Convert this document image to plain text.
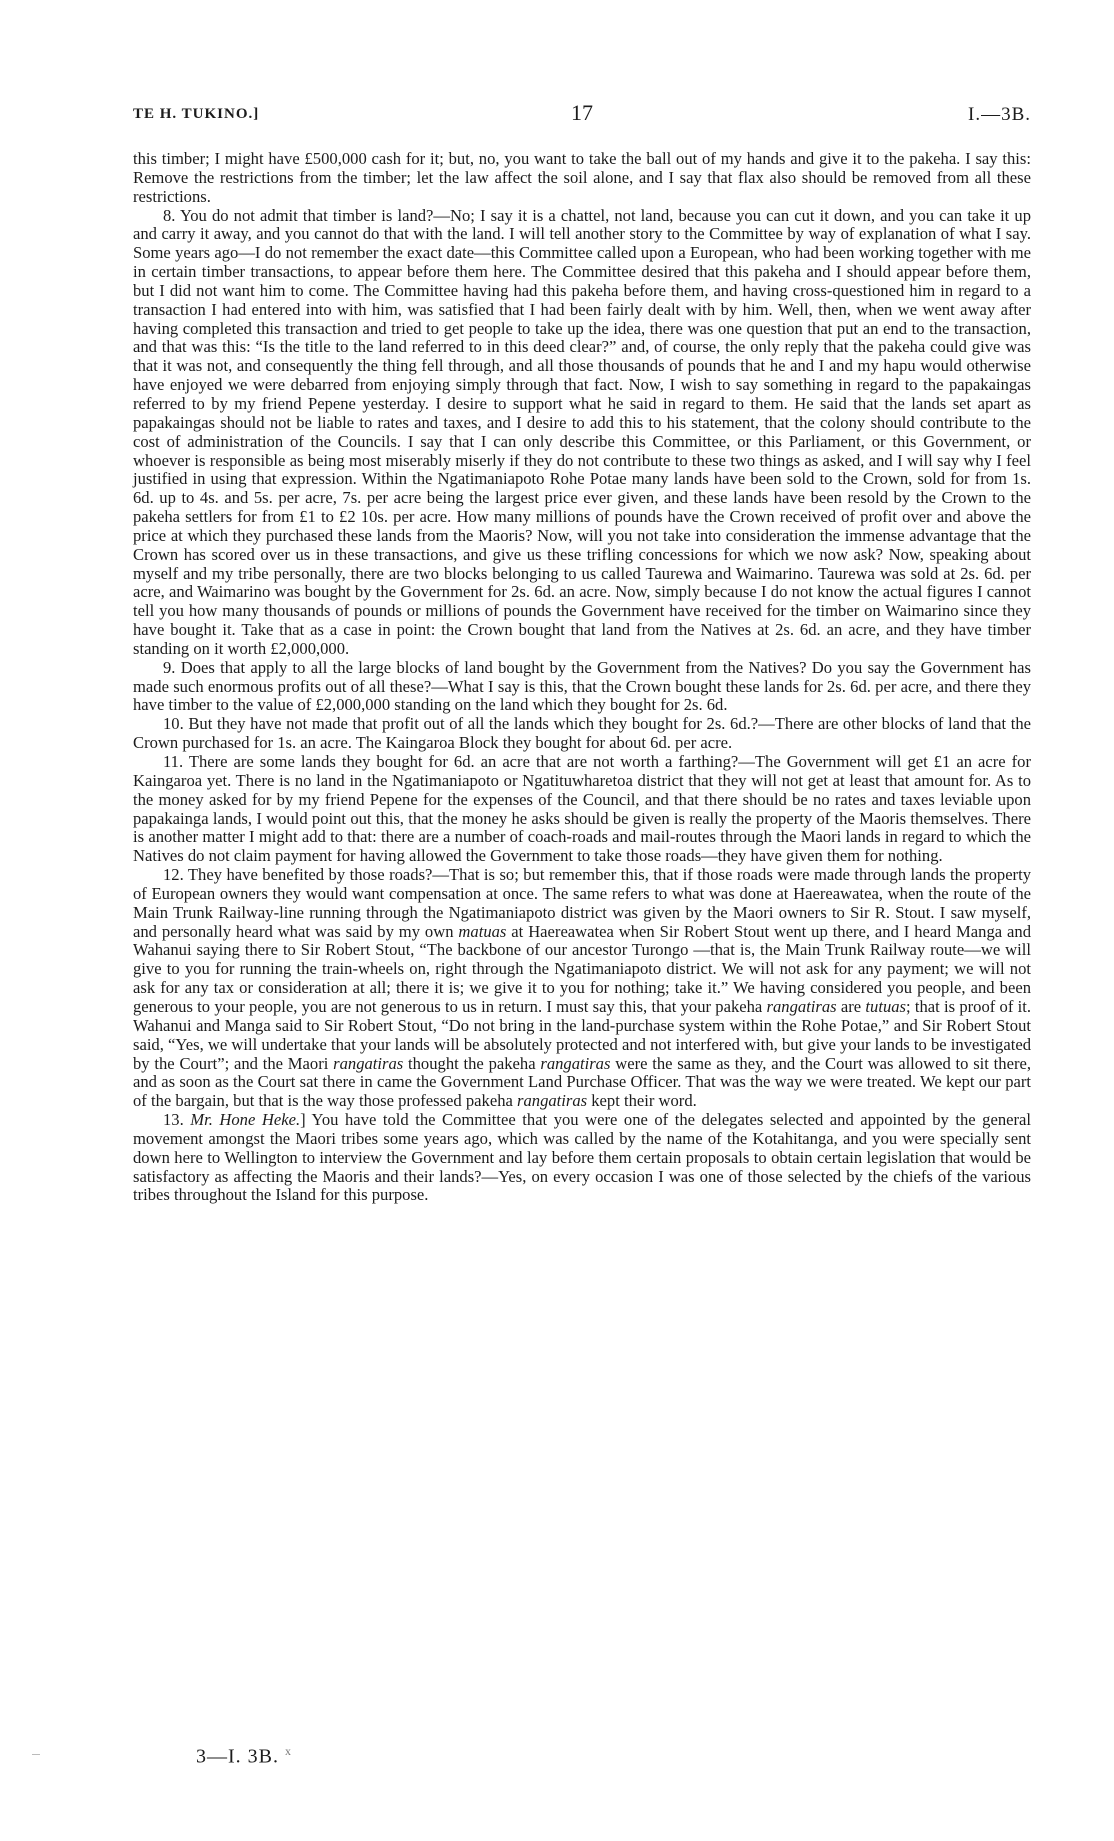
TE H. TUKINO.]	17	I.—3B.

this timber; I might have £500,000 cash for it; but, no, you want to take the ball out of my hands and give it to the pakeha. I say this: Remove the restrictions from the timber; let the law affect the soil alone, and I say that flax also should be removed from all these restrictions.

8. You do not admit that timber is land?—No; I say it is a chattel, not land, because you can cut it down, and you can take it up and carry it away, and you cannot do that with the land. I will tell another story to the Committee by way of explanation of what I say. Some years ago—I do not remember the exact date—this Committee called upon a European, who had been working together with me in certain timber transactions, to appear before them here. The Committee desired that this pakeha and I should appear before them, but I did not want him to come. The Committee having had this pakeha before them, and having cross-questioned him in regard to a transaction I had entered into with him, was satisfied that I had been fairly dealt with by him. Well, then, when we went away after having completed this transaction and tried to get people to take up the idea, there was one question that put an end to the transaction, and that was this: “Is the title to the land referred to in this deed clear?” and, of course, the only reply that the pakeha could give was that it was not, and consequently the thing fell through, and all those thousands of pounds that he and I and my hapu would otherwise have enjoyed we were debarred from enjoying simply through that fact. Now, I wish to say something in regard to the papakaingas referred to by my friend Pepene yesterday. I desire to support what he said in regard to them. He said that the lands set apart as papakaingas should not be liable to rates and taxes, and I desire to add this to his statement, that the colony should contribute to the cost of administration of the Councils. I say that I can only describe this Committee, or this Parliament, or this Government, or whoever is responsible as being most miserably miserly if they do not contribute to these two things as asked, and I will say why I feel justified in using that expression. Within the Ngatimaniapoto Rohe Potae many lands have been sold to the Crown, sold for from 1s. 6d. up to 4s. and 5s. per acre, 7s. per acre being the largest price ever given, and these lands have been resold by the Crown to the pakeha settlers for from £1 to £2 10s. per acre. How many millions of pounds have the Crown received of profit over and above the price at which they purchased these lands from the Maoris? Now, will you not take into consideration the immense advantage that the Crown has scored over us in these transactions, and give us these trifling concessions for which we now ask? Now, speaking about myself and my tribe personally, there are two blocks belonging to us called Taurewa and Waimarino. Taurewa was sold at 2s. 6d. per acre, and Waimarino was bought by the Government for 2s. 6d. an acre. Now, simply because I do not know the actual figures I cannot tell you how many thousands of pounds or millions of pounds the Government have received for the timber on Waimarino since they have bought it. Take that as a case in point: the Crown bought that land from the Natives at 2s. 6d. an acre, and they have timber standing on it worth £2,000,000.

9. Does that apply to all the large blocks of land bought by the Government from the Natives? Do you say the Government has made such enormous profits out of all these?—What I say is this, that the Crown bought these lands for 2s. 6d. per acre, and there they have timber to the value of £2,000,000 standing on the land which they bought for 2s. 6d.

10. But they have not made that profit out of all the lands which they bought for 2s. 6d.?—There are other blocks of land that the Crown purchased for 1s. an acre. The Kaingaroa Block they bought for about 6d. per acre.

11. There are some lands they bought for 6d. an acre that are not worth a farthing?—The Government will get £1 an acre for Kaingaroa yet. There is no land in the Ngatimaniapoto or Ngatituwharetoa district that they will not get at least that amount for. As to the money asked for by my friend Pepene for the expenses of the Council, and that there should be no rates and taxes leviable upon papakainga lands, I would point out this, that the money he asks should be given is really the property of the Maoris themselves. There is another matter I might add to that: there are a number of coach-roads and mail-routes through the Maori lands in regard to which the Natives do not claim payment for having allowed the Government to take those roads—they have given them for nothing.

12. They have benefited by those roads?—That is so; but remember this, that if those roads were made through lands the property of European owners they would want compensation at once. The same refers to what was done at Haereawatea, when the route of the Main Trunk Railway-line running through the Ngatimaniapoto district was given by the Maori owners to Sir R. Stout. I saw myself, and personally heard what was said by my own matuas at Haereawatea when Sir Robert Stout went up there, and I heard Manga and Wahanui saying there to Sir Robert Stout, “The backbone of our ancestor Turongo —that is, the Main Trunk Railway route—we will give to you for running the train-wheels on, right through the Ngatimaniapoto district. We will not ask for any payment; we will not ask for any tax or consideration at all; there it is; we give it to you for nothing; take it.” We having considered you people, and been generous to your people, you are not generous to us in return. I must say this, that your pakeha rangatiras are tutuas; that is proof of it. Wahanui and Manga said to Sir Robert Stout, “Do not bring in the land-purchase system within the Rohe Potae,” and Sir Robert Stout said, “Yes, we will undertake that your lands will be absolutely protected and not interfered with, but give your lands to be investigated by the Court”; and the Maori rangatiras thought the pakeha rangatiras were the same as they, and the Court was allowed to sit there, and as soon as the Court sat there in came the Government Land Purchase Officer. That was the way we were treated. We kept our part of the bargain, but that is the way those professed pakeha rangatiras kept their word.

13. Mr. Hone Heke.] You have told the Committee that you were one of the delegates selected and appointed by the general movement amongst the Maori tribes some years ago, which was called by the name of the Kotahitanga, and you were specially sent down here to Wellington to interview the Government and lay before them certain proposals to obtain certain legislation that would be satisfactory as affecting the Maoris and their lands?—Yes, on every occasion I was one of those selected by the chiefs of the various tribes throughout the Island for this purpose.

3—I. 3B. $^x$
